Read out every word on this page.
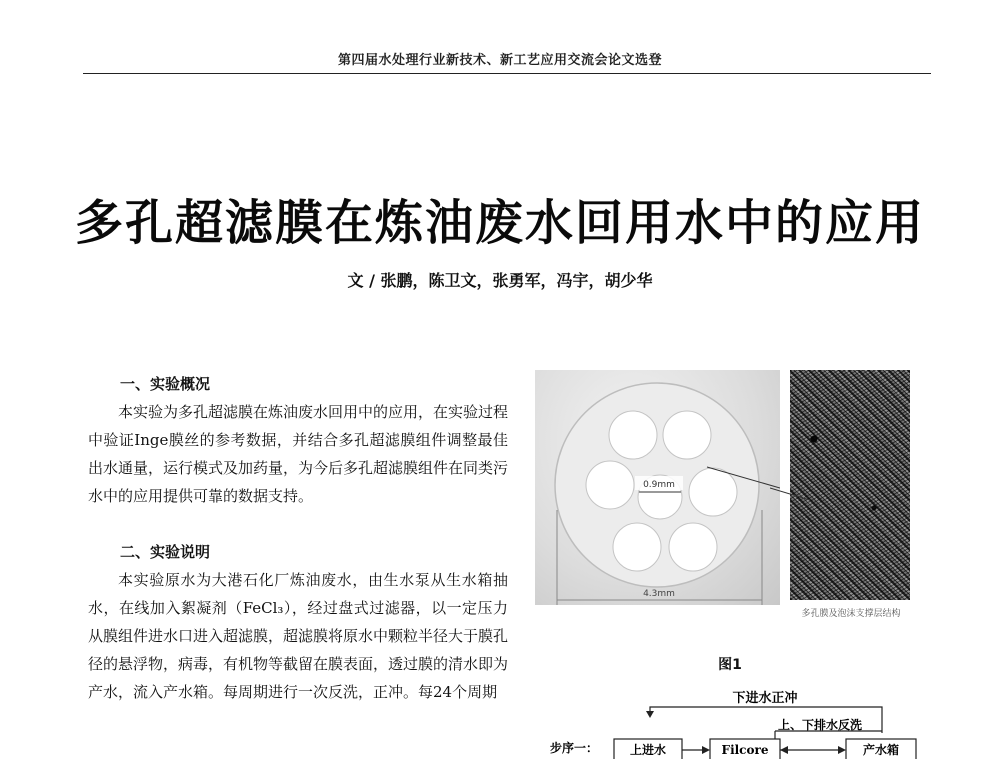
第四届水处理行业新技术、新工艺应用交流会论文选登
多孔超滤膜在炼油废水回用水中的应用
文 / 张鹏，陈卫文，张勇军，冯宇，胡少华

一、实验概况

本实验为多孔超滤膜在炼油废水回用中的应用，在实验过程中验证Inge膜丝的参考数据，并结合多孔超滤膜组件调整最佳出水通量，运行模式及加药量，为今后多孔超滤膜组件在同类污水中的应用提供可靠的数据支持。

二、实验说明

本实验原水为大港石化厂炼油废水，由生水泵从生水箱抽水，在线加入絮凝剂（FeCl₃），经过盘式过滤器，以一定压力从膜组件进水口进入超滤膜，超滤膜将原水中颗粒半径大于膜孔径的悬浮物，病毒，有机物等截留在膜表面，透过膜的清水即为产水，流入产水箱。每周期进行一次反洗，正冲。每24个周期

0.9mm
4.3mm
多孔膜及泡沫支撑层结构
图1
下进水正冲
上、下排水反洗
步序一：	上进水	Filcore	产水箱
